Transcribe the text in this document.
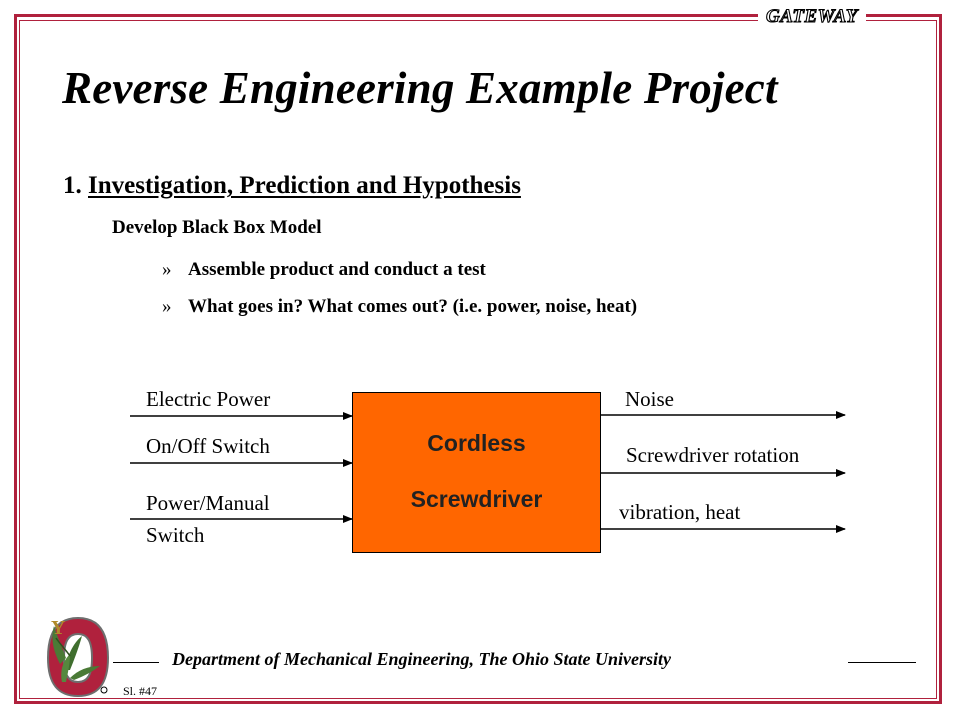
GATEWAY
Reverse Engineering Example Project
1. Investigation, Prediction and Hypothesis
Develop Black Box Model
» Assemble product and conduct a test
» What goes in? What comes out? (i.e. power, noise, heat)
Cordless
Screwdriver
Electric Power
On/Off Switch
Power/Manual
Switch
Noise
Screwdriver rotation
vibration, heat
Y
Department of Mechanical Engineering, The Ohio State University
Sl. #47
